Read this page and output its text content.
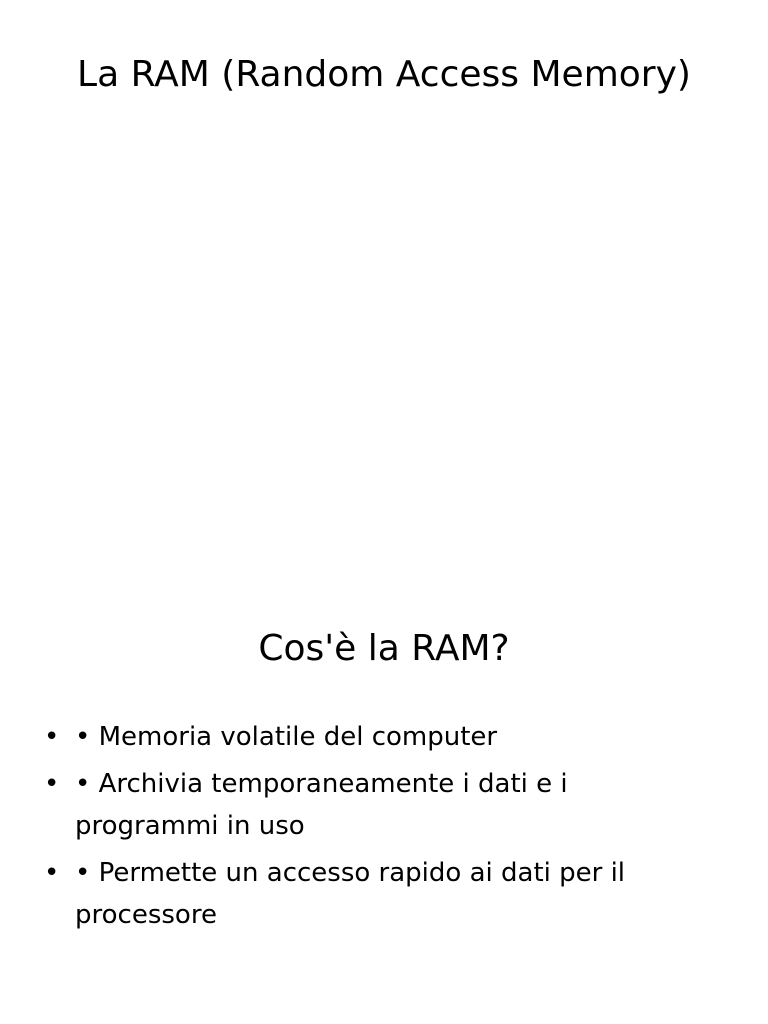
La RAM (Random Access Memory)
Cos'è la RAM?
• • Memoria volatile del computer
• • Archivia temporaneamente i dati e i programmi in uso
• • Permette un accesso rapido ai dati per il processore
